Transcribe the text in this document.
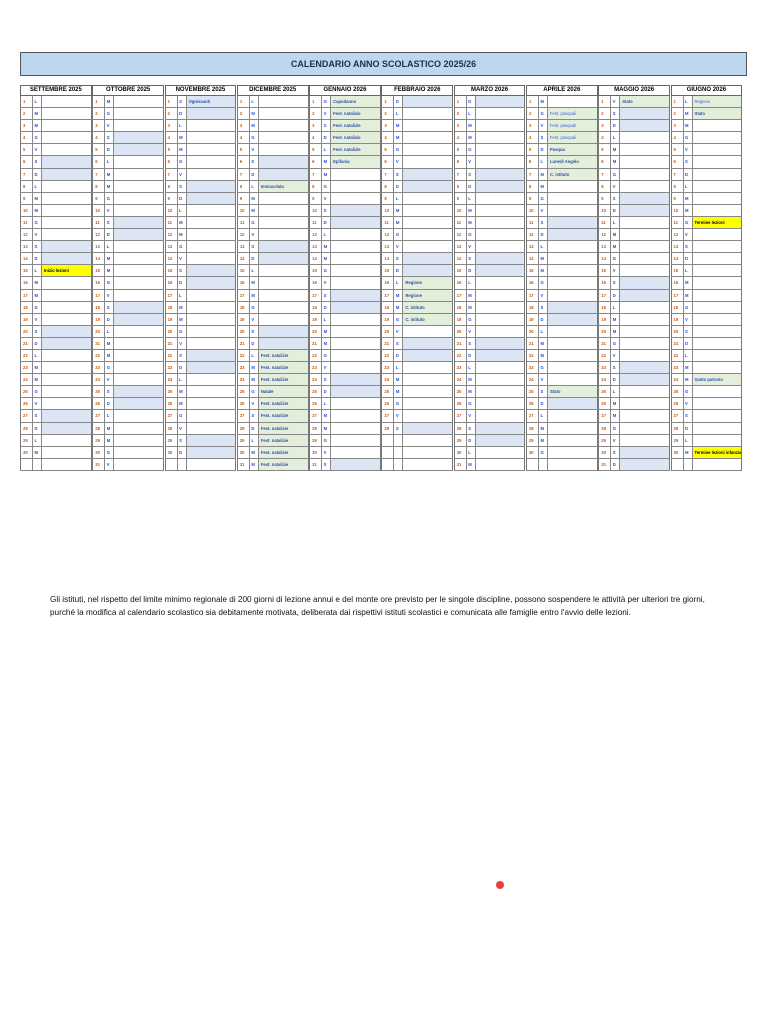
CALENDARIO ANNO SCOLASTICO 2025/26
SETTEMBRE 2025
1	L
2	M
3	M
4	G
5	V
6	S
7	D
8	L
9	M
10	M
11	G
12	V
13	S
14	D
15	L	Inizio lezioni
16	M
17	M
18	G
19	V
20	S
21	D
22	L
23	M
24	M
25	G
26	V
27	S
28	D
29	L
30	M
OTTOBRE 2025
1	M
2	G
3	V
4	S
5	D
6	L
7	M
8	M
9	G
10	V
11	S
12	D
13	L
14	M
15	M
16	G
17	V
18	S
19	D
20	L
21	M
22	M
23	G
24	V
25	S
26	D
27	L
28	M
29	M
30	G
31	V
NOVEMBRE 2025
1	S	Ognissanti
2	D
3	L
4	M
5	M
6	G
7	V
8	S
9	D
10	L
11	M
12	M
13	G
14	V
15	S
16	D
17	L
18	M
19	M
20	G
21	V
22	S
23	D
24	L
25	M
26	M
27	G
28	V
29	S
30	D
DICEMBRE 2025
1	L
2	M
3	M
4	G
5	V
6	S
7	D
8	L	Immacolata
9	M
10	M
11	G
12	V
13	S
14	D
15	L
16	M
17	M
18	G
19	V
20	S
21	D
22	L	Fest. natalizie
23	M	Fest. natalizie
24	M	Fest. natalizie
25	G	Natale
26	V	Fest. natalizie
27	S	Fest. natalizie
28	D	Fest. natalizie
29	L	Fest. natalizie
30	M	Fest. natalizie
31	M	Fest. natalizie
GENNAIO 2026
1	G	Capodanno
2	V	Fest. natalizie
3	S	Fest. natalizie
4	D	Fest. natalizie
5	L	Fest. natalizie
6	M	Epifania
7	M
8	G
9	V
10	S
11	D
12	L
13	M
14	M
15	G
16	V
17	S
18	D
19	L
20	M
21	M
22	G
23	V
24	S
25	D
26	L
27	M
28	M
29	G
30	V
31	S
FEBBRAIO 2026
1	D
2	L
3	M
4	M
5	G
6	V
7	S
8	D
9	L
10	M
11	M
12	G
13	V
14	S
15	D
16	L	Regione
17	M	Regione
18	M	C. istituto
19	G	C. istituto
20	V
21	S
22	D
23	L
24	M
25	M
26	G
27	V
28	S
MARZO 2026
1	D
2	L
3	M
4	M
5	G
6	V
7	S
8	D
9	L
10	M
11	M
12	G
13	V
14	S
15	D
16	L
17	M
18	M
19	G
20	V
21	S
22	D
23	L
24	M
25	M
26	G
27	V
28	S
29	D
30	L
31	M
APRILE 2026
1	M
2	G	Fest. pasquali
3	V	Fest. pasquali
4	S	Fest. pasquali
5	D	Pasqua
6	L	Lunedì Angelo
7	M	C. istituto
8	M
9	G
10	V
11	S
12	D
13	L
14	M
15	M
16	G
17	V
18	S
19	D
20	L
21	M
22	M
23	G
24	V
25	S	Stato
26	D
27	L
28	M
29	M
30	G
MAGGIO 2026
1	V	Stato
2	S
3	D
4	L
5	M
6	M
7	G
8	V
9	S
10	D
11	L
12	M
13	M
14	G
15	V
16	S
17	D
18	L
19	M
20	M
21	G
22	V
23	S
24	D
25	L
26	M
27	M
28	G
29	V
30	S
31	D
GIUGNO 2026
1	L	Regione
2	M	Stato
3	M
4	G
5	V
6	S
7	D
8	L
9	M
10	M
11	G	Termine lezioni
12	V
13	S
14	D
15	L
16	M
17	M
18	G
19	V
20	S
21	D
22	L
23	M
24	M	Santo patrono
25	G
26	V
27	S
28	D
29	L
30	M	Termine lezioni infanzia
Gli istituti, nel rispetto del limite minimo regionale di 200 giorni di lezione annui e del monte ore previsto per le singole discipline, possono sospendere le attività per ulteriori tre giorni, purché la modifica al calendario scolastico sia debitamente motivata, deliberata dai rispettivi istituti scolastici e comunicata alle famiglie entro l'avvio delle lezioni.
